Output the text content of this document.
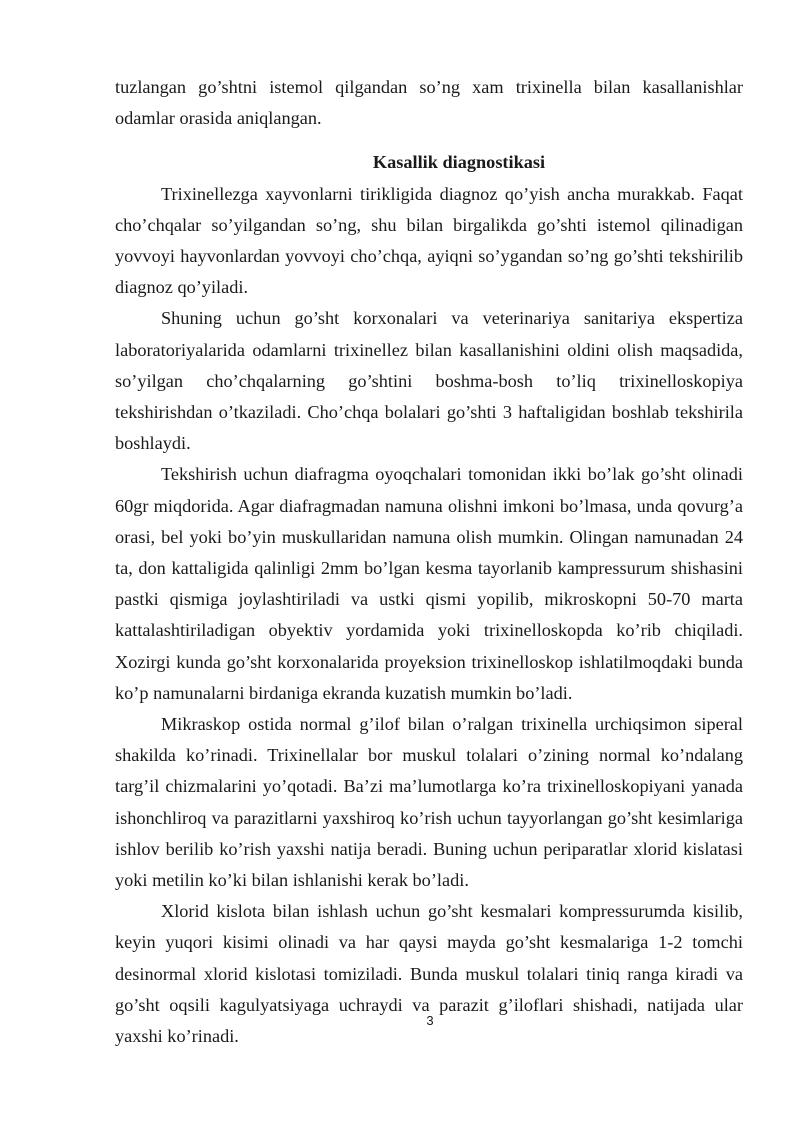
tuzlangan go’shtni istemol qilgandan so’ng xam trixinella bilan kasallanishlar odamlar orasida aniqlangan.

Kasallik diagnostikasi

Trixinellezga xayvonlarni tirikligida diagnoz qo’yish ancha murakkab. Faqat cho’chqalar so’yilgandan so’ng, shu bilan birgalikda go’shti istemol qilinadigan yovvoyi hayvonlardan yovvoyi cho’chqa, ayiqni so’ygandan so’ng go’shti tekshirilib diagnoz qo’yiladi.

Shuning uchun go’sht korxonalari va veterinariya sanitariya ekspertiza laboratoriyalarida odamlarni trixinellez bilan kasallanishini oldini olish maqsadida, so’yilgan cho’chqalarning go’shtini boshma-bosh to’liq trixinelloskopiya tekshirishdan o’tkaziladi. Cho’chqa bolalari go’shti 3 haftaligidan boshlab tekshirila boshlaydi.

Tekshirish uchun diafragma oyoqchalari tomonidan ikki bo’lak go’sht olinadi 60gr miqdorida. Agar diafragmadan namuna olishni imkoni bo’lmasa, unda qovurg’a orasi, bel yoki bo’yin muskullaridan namuna olish mumkin. Olingan namunadan 24 ta, don kattaligida qalinligi 2mm bo’lgan kesma tayorlanib kampressurum shishasini pastki qismiga joylashtiriladi va ustki qismi yopilib, mikroskopni 50-70 marta kattalashtiriladigan obyektiv yordamida yoki trixinelloskopda ko’rib chiqiladi. Xozirgi kunda go’sht korxonalarida proyeksion trixinelloskop ishlatilmoqdaki bunda ko’p namunalarni birdaniga ekranda kuzatish mumkin bo’ladi.

Mikraskop ostida normal g’ilof bilan o’ralgan trixinella urchiqsimon siperal shakilda ko’rinadi. Trixinellalar bor muskul tolalari o’zining normal ko’ndalang targ’il chizmalarini yo’qotadi. Ba’zi ma’lumotlarga ko’ra trixinelloskopiyani yanada ishonchliroq va parazitlarni yaxshiroq ko’rish uchun tayyorlangan go’sht kesimlariga ishlov berilib ko’rish yaxshi natija beradi. Buning uchun periparatlar xlorid kislatasi yoki metilin ko’ki bilan ishlanishi kerak bo’ladi.

Xlorid kislota bilan ishlash uchun go’sht kesmalari kompressurumda kisilib, keyin yuqori kisimi olinadi va har qaysi mayda go’sht kesmalariga 1-2 tomchi desinormal xlorid kislotasi tomiziladi. Bunda muskul tolalari tiniq ranga kiradi va go’sht oqsili kagulyatsiyaga uchraydi va parazit g’iloflari shishadi, natijada ular yaxshi ko’rinadi.

3
